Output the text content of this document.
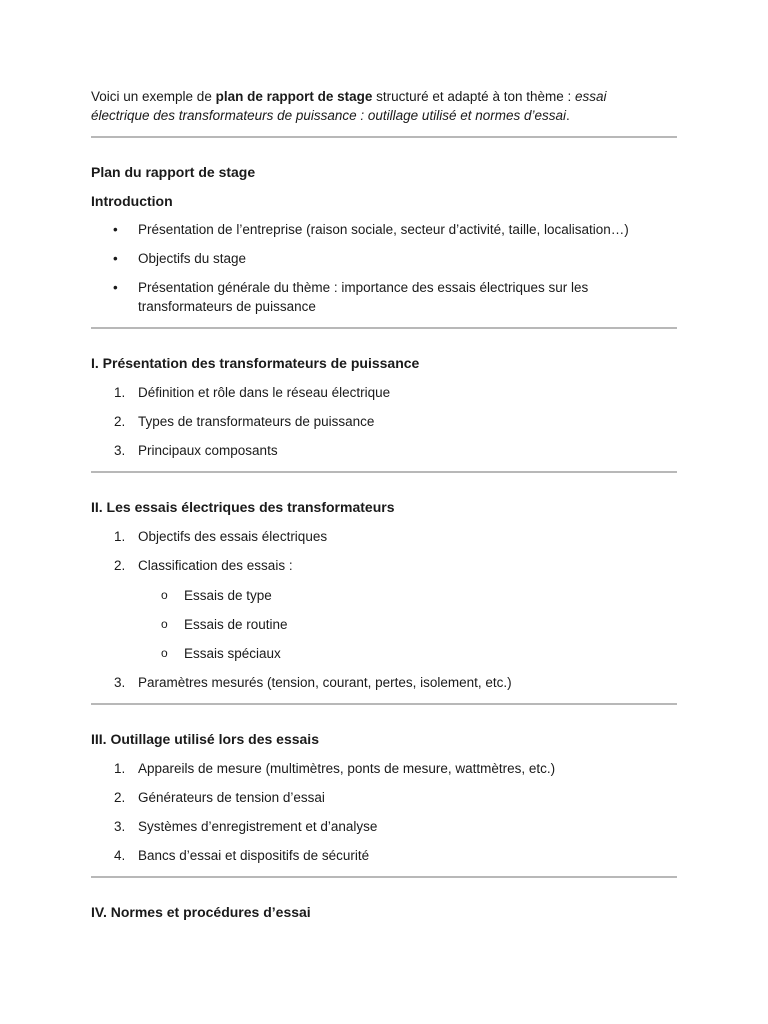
Voici un exemple de plan de rapport de stage structuré et adapté à ton thème : essai
électrique des transformateurs de puissance : outillage utilisé et normes d’essai.

Plan du rapport de stage
Introduction
• Présentation de l’entreprise (raison sociale, secteur d’activité, taille, localisation…)
• Objectifs du stage
• Présentation générale du thème : importance des essais électriques sur les transformateurs de puissance
I. Présentation des transformateurs de puissance
1. Définition et rôle dans le réseau électrique
2. Types de transformateurs de puissance
3. Principaux composants
II. Les essais électriques des transformateurs
1. Objectifs des essais électriques
2. Classification des essais :
o Essais de type
o Essais de routine
o Essais spéciaux
3. Paramètres mesurés (tension, courant, pertes, isolement, etc.)
III. Outillage utilisé lors des essais
1. Appareils de mesure (multimètres, ponts de mesure, wattmètres, etc.)
2. Générateurs de tension d’essai
3. Systèmes d’enregistrement et d’analyse
4. Bancs d’essai et dispositifs de sécurité
IV. Normes et procédures d’essai
